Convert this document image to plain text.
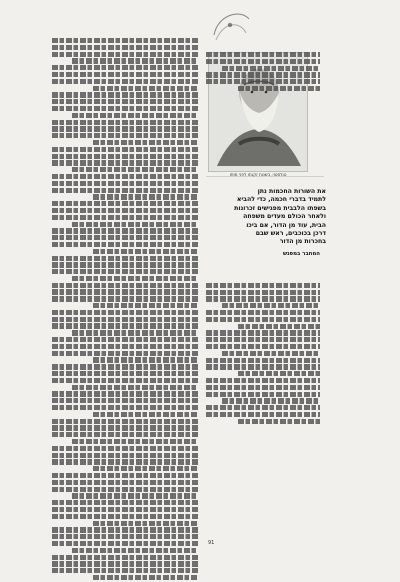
טולסטוי, בשנות זקנתו לפני מותו
את השורות החכמות נתן
לתמיד בדברי חכמה, כדי להביא
בשפתו הלבבית מפגישים זכרונות
ולאחר הכולם מעדים משפחה
הבית, עוד מן הדור, אם ביכו
דרכן בכוכבים, ראש שבם
בחכרות מן הדור
המחבר במפגש
91
